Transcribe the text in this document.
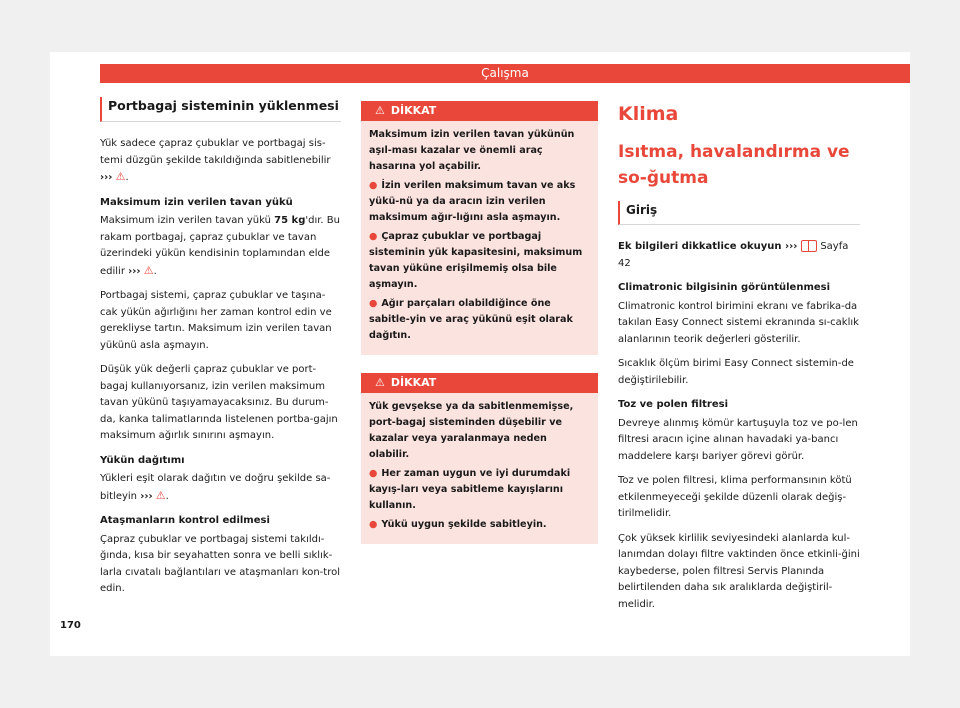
Çalışma
Portbagaj sisteminin yüklenmesi

Yük sadece çapraz çubuklar ve portbagaj sis-temi düzgün şekilde takıldığında sabitlenebilir ››› ⚠.

Maksimum izin verilen tavan yükü

Maksimum izin verilen tavan yükü 75 kg'dır. Bu rakam portbagaj, çapraz çubuklar ve tavan üzerindeki yükün kendisinin toplamından elde edilir ››› ⚠.

Portbagaj sistemi, çapraz çubuklar ve taşına-cak yükün ağırlığını her zaman kontrol edin ve gerekliyse tartın. Maksimum izin verilen tavan yükünü asla aşmayın.

Düşük yük değerli çapraz çubuklar ve port-bagaj kullanıyorsanız, izin verilen maksimum tavan yükünü taşıyamayacaksınız. Bu durum-da, kanka talimatlarında listelenen portba-gajın maksimum ağırlık sınırını aşmayın.

Yükün dağıtımı

Yükleri eşit olarak dağıtın ve doğru şekilde sa-bitleyin ››› ⚠.

Ataşmanların kontrol edilmesi

Çapraz çubuklar ve portbagaj sistemi takıldı-ğında, kısa bir seyahatten sonra ve belli sıklık-larla cıvatalı bağlantıları ve ataşmanları kon-trol edin.

⚠ DİKKAT

Maksimum izin verilen tavan yükünün aşıl-ması kazalar ve önemli araç hasarına yol açabilir.

● İzin verilen maksimum tavan ve aks yükü-nü ya da aracın izin verilen maksimum ağır-lığını asla aşmayın.

● Çapraz çubuklar ve portbagaj sisteminin yük kapasitesini, maksimum tavan yüküne erişilmemiş olsa bile aşmayın.

● Ağır parçaları olabildiğince öne sabitle-yin ve araç yükünü eşit olarak dağıtın.

⚠ DİKKAT

Yük gevşekse ya da sabitlenmemişse, port-bagaj sisteminden düşebilir ve kazalar veya yaralanmaya neden olabilir.

● Her zaman uygun ve iyi durumdaki kayış-ları veya sabitleme kayışlarını kullanın.

● Yükü uygun şekilde sabitleyin.

Klima
Isıtma, havalandırma ve so-ğutma
Giriş

Ek bilgileri dikkatlice okuyun ››› Sayfa 42

Climatronic bilgisinin görüntülenmesi

Climatronic kontrol birimini ekranı ve fabrika-da takılan Easy Connect sistemi ekranında sı-caklık alanlarının teorik değerleri gösterilir.

Sıcaklık ölçüm birimi Easy Connect sistemin-de değiştirilebilir.

Toz ve polen filtresi

Devreye alınmış kömür kartuşuyla toz ve po-len filtresi aracın içine alınan havadaki ya-bancı maddelere karşı bariyer görevi görür.

Toz ve polen filtresi, klima performansının kötü etkilenmeyeceği şekilde düzenli olarak değiş-tirilmelidir.

Çok yüksek kirlilik seviyesindeki alanlarda kul-lanımdan dolayı filtre vaktinden önce etkinli-ğini kaybederse, polen filtresi Servis Planında belirtilenden daha sık aralıklarda değiştiril-melidir.

170
